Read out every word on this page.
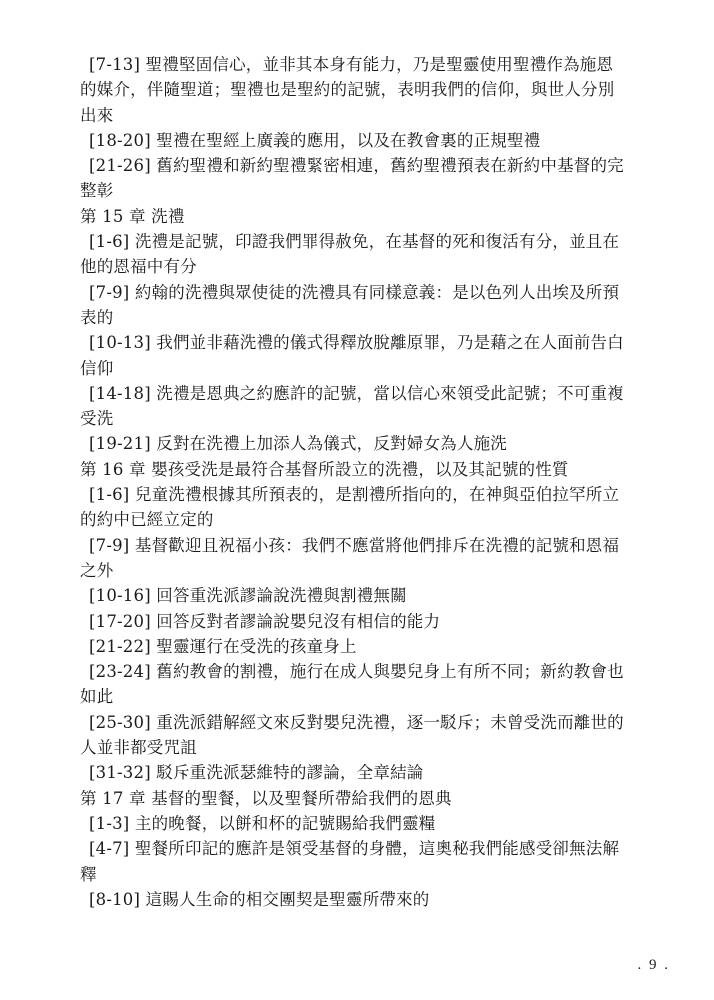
[7-13] 聖禮堅固信心，並非其本身有能力，乃是聖靈使用聖禮作為施恩
的媒介，伴隨聖道；聖禮也是聖約的記號，表明我們的信仰，與世人分別
出來
[18-20] 聖禮在聖經上廣義的應用，以及在教會裏的正規聖禮
[21-26] 舊約聖禮和新約聖禮緊密相連，舊約聖禮預表在新約中基督的完
整彰
第 15 章 洗禮
[1-6] 洗禮是記號，印證我們罪得赦免，在基督的死和復活有分，並且在
他的恩福中有分
[7-9] 約翰的洗禮與眾使徒的洗禮具有同樣意義：是以色列人出埃及所預
表的
[10-13] 我們並非藉洗禮的儀式得釋放脫離原罪，乃是藉之在人面前告白
信仰
[14-18] 洗禮是恩典之約應許的記號，當以信心來領受此記號；不可重複
受洗
[19-21] 反對在洗禮上加添人為儀式，反對婦女為人施洗
第 16 章 嬰孩受洗是最符合基督所設立的洗禮，以及其記號的性質
[1-6] 兒童洗禮根據其所預表的，是割禮所指向的，在神與亞伯拉罕所立
的約中已經立定的
[7-9] 基督歡迎且祝福小孩：我們不應當將他們排斥在洗禮的記號和恩福
之外
[10-16] 回答重洗派謬論說洗禮與割禮無關
[17-20] 回答反對者謬論說嬰兒沒有相信的能力
[21-22] 聖靈運行在受洗的孩童身上
[23-24] 舊約教會的割禮，施行在成人與嬰兒身上有所不同；新約教會也
如此
[25-30] 重洗派錯解經文來反對嬰兒洗禮，逐一駁斥；未曾受洗而離世的
人並非都受咒詛
[31-32] 駁斥重洗派瑟維特的謬論，全章結論
第 17 章 基督的聖餐，以及聖餐所帶給我們的恩典
[1-3] 主的晚餐，以餅和杯的記號賜給我們靈糧
[4-7] 聖餐所印記的應許是領受基督的身體，這奧秘我們能感受卻無法解
釋
[8-10] 這賜人生命的相交團契是聖靈所帶來的
. 9 .
